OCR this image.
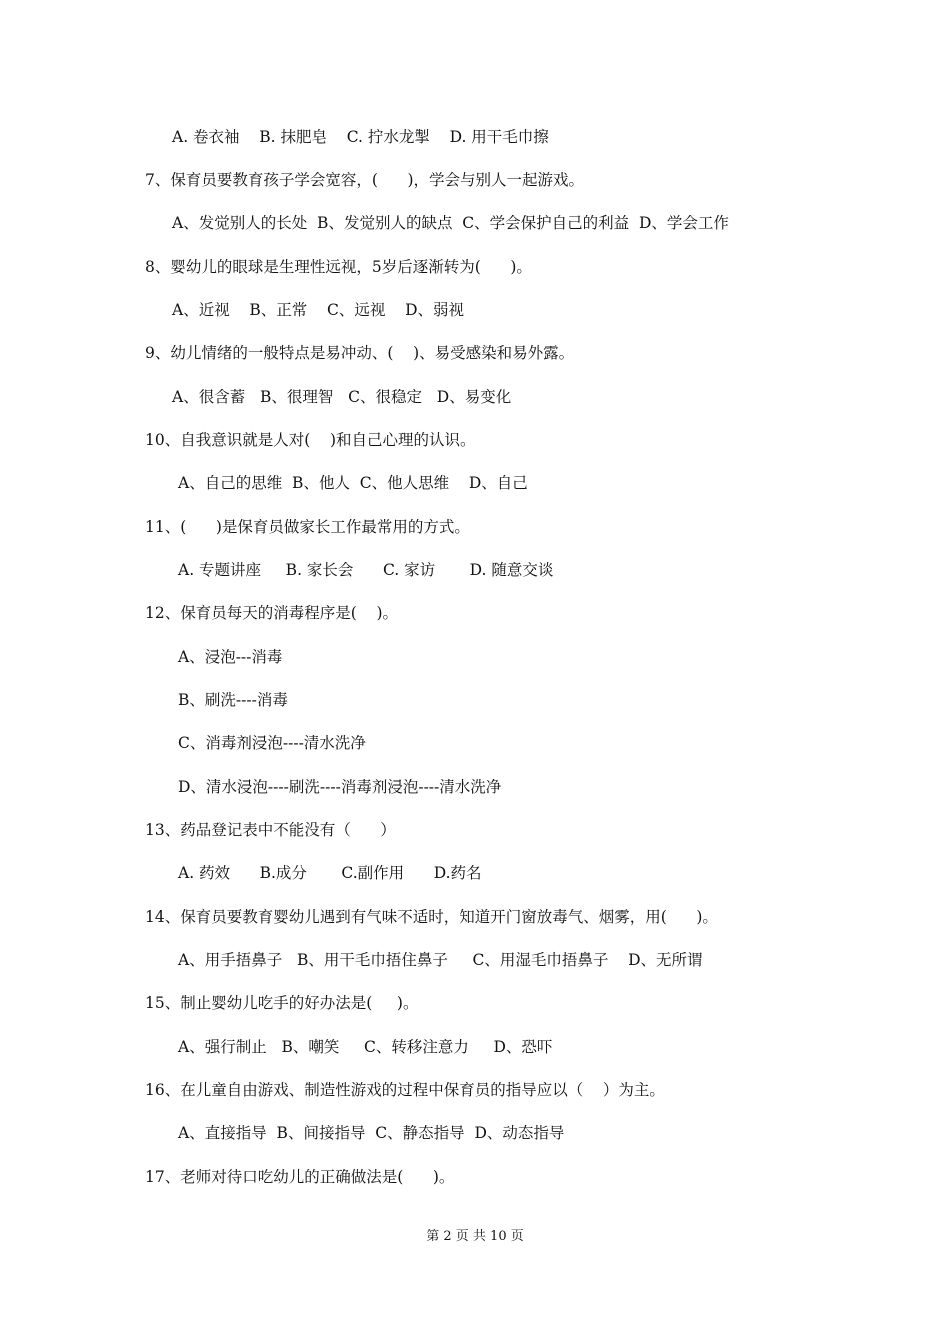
A. 卷衣袖    B. 抹肥皂    C. 拧水龙掣    D. 用干毛巾擦
7、保育员要教育孩子学会宽容，(      )，学会与别人一起游戏。
A、发觉别人的长处  B、发觉别人的缺点  C、学会保护自己的利益  D、学会工作
8、婴幼儿的眼球是生理性远视，5岁后逐渐转为(      )。
A、近视    B、正常    C、远视    D、弱视
9、幼儿情绪的一般特点是易冲动、(    )、易受感染和易外露。
A、很含蓄   B、很理智   C、很稳定   D、易变化
10、自我意识就是人对(    )和自己心理的认识。
A、自己的思维  B、他人  C、他人思维    D、自己
11、(      )是保育员做家长工作最常用的方式。
A. 专题讲座     B. 家长会      C. 家访       D. 随意交谈
12、保育员每天的消毒程序是(    )。
A、浸泡---消毒
B、刷洗----消毒
C、消毒剂浸泡----清水洗净
D、清水浸泡----刷洗----消毒剂浸泡----清水洗净
13、药品登记表中不能没有（      ）
A. 药效      B.成分       C.副作用      D.药名
14、保育员要教育婴幼儿遇到有气味不适时，知道开门窗放毒气、烟雾，用(      )。
A、用手捂鼻子   B、用干毛巾捂住鼻子     C、用湿毛巾捂鼻子    D、无所谓
15、制止婴幼儿吃手的好办法是(     )。
A、强行制止   B、嘲笑     C、转移注意力     D、恐吓
16、在儿童自由游戏、制造性游戏的过程中保育员的指导应以（    ）为主。
A、直接指导  B、间接指导  C、静态指导  D、动态指导
17、老师对待口吃幼儿的正确做法是(      )。
第 2 页 共 10 页
